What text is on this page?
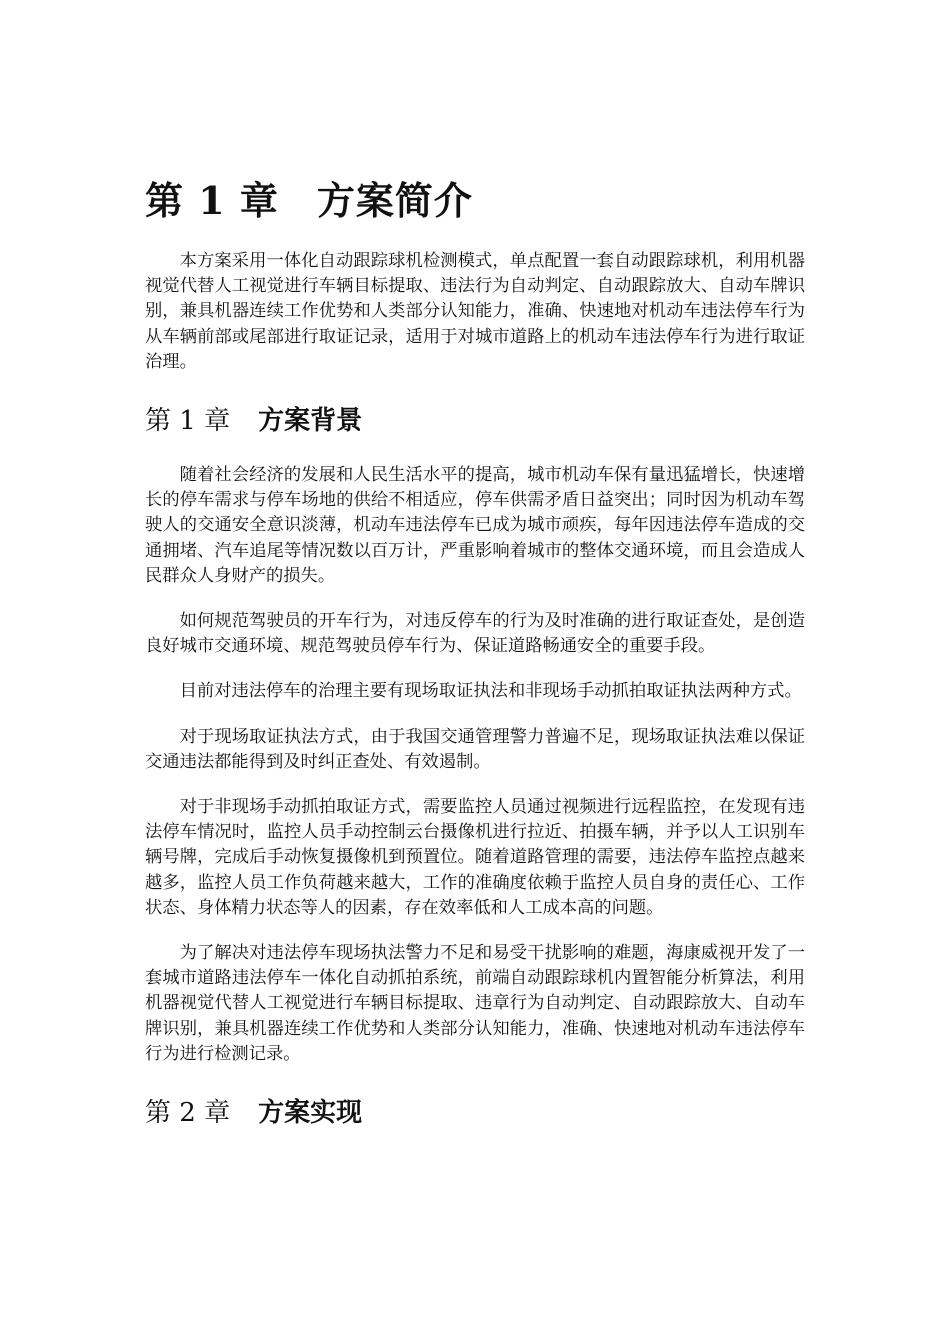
第 1 章 方案简介

本方案采用一体化自动跟踪球机检测模式，单点配置一套自动跟踪球机，利用机器视觉代替人工视觉进行车辆目标提取、违法行为自动判定、自动跟踪放大、自动车牌识别，兼具机器连续工作优势和人类部分认知能力，准确、快速地对机动车违法停车行为从车辆前部或尾部进行取证记录，适用于对城市道路上的机动车违法停车行为进行取证治理。

第 1 章 方案背景

随着社会经济的发展和人民生活水平的提高，城市机动车保有量迅猛增长，快速增长的停车需求与停车场地的供给不相适应，停车供需矛盾日益突出；同时因为机动车驾驶人的交通安全意识淡薄，机动车违法停车已成为城市顽疾，每年因违法停车造成的交通拥堵、汽车追尾等情况数以百万计，严重影响着城市的整体交通环境，而且会造成人民群众人身财产的损失。

如何规范驾驶员的开车行为，对违反停车的行为及时准确的进行取证查处，是创造良好城市交通环境、规范驾驶员停车行为、保证道路畅通安全的重要手段。

目前对违法停车的治理主要有现场取证执法和非现场手动抓拍取证执法两种方式。

对于现场取证执法方式，由于我国交通管理警力普遍不足，现场取证执法难以保证交通违法都能得到及时纠正查处、有效遏制。

对于非现场手动抓拍取证方式，需要监控人员通过视频进行远程监控，在发现有违法停车情况时，监控人员手动控制云台摄像机进行拉近、拍摄车辆，并予以人工识别车辆号牌，完成后手动恢复摄像机到预置位。随着道路管理的需要，违法停车监控点越来越多，监控人员工作负荷越来越大，工作的准确度依赖于监控人员自身的责任心、工作状态、身体精力状态等人的因素，存在效率低和人工成本高的问题。

为了解决对违法停车现场执法警力不足和易受干扰影响的难题，海康威视开发了一套城市道路违法停车一体化自动抓拍系统，前端自动跟踪球机内置智能分析算法，利用机器视觉代替人工视觉进行车辆目标提取、违章行为自动判定、自动跟踪放大、自动车牌识别，兼具机器连续工作优势和人类部分认知能力，准确、快速地对机动车违法停车行为进行检测记录。

第 2 章 方案实现
